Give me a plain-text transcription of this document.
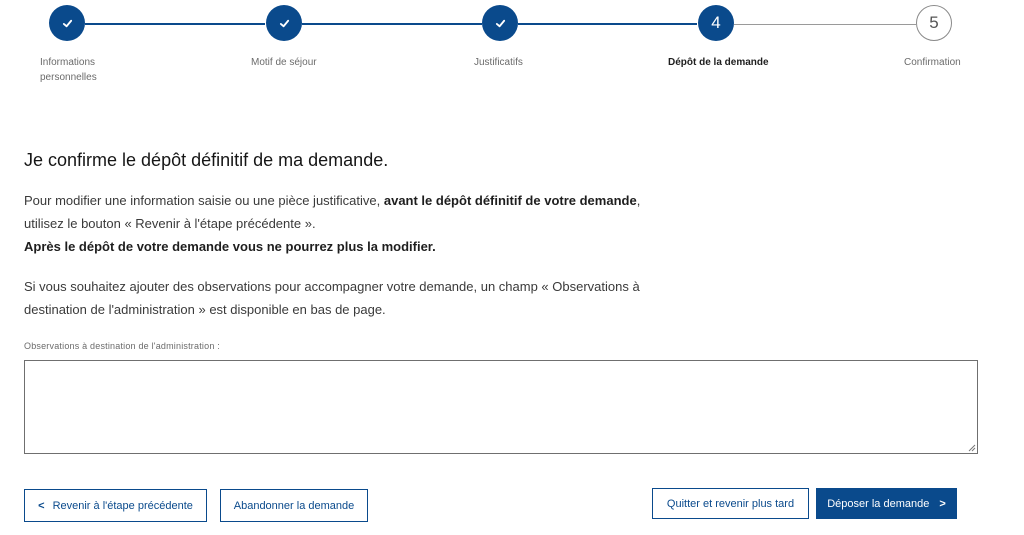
4	5
Informations
personnelles
Motif de séjour	Justificatifs	Dépôt de la demande	Confirmation
Je confirme le dépôt définitif de ma demande.

Pour modifier une information saisie ou une pièce justificative, avant le dépôt définitif de votre demande,
utilisez le bouton « Revenir à l'étape précédente ».
Après le dépôt de votre demande vous ne pourrez plus la modifier.

Si vous souhaitez ajouter des observations pour accompagner votre demande, un champ « Observations à
destination de l'administration » est disponible en bas de page.

Observations à destination de l'administration :
< Revenir à l'étape précédente	Abandonner la demande	Quitter et revenir plus tard	Déposer la demande >
